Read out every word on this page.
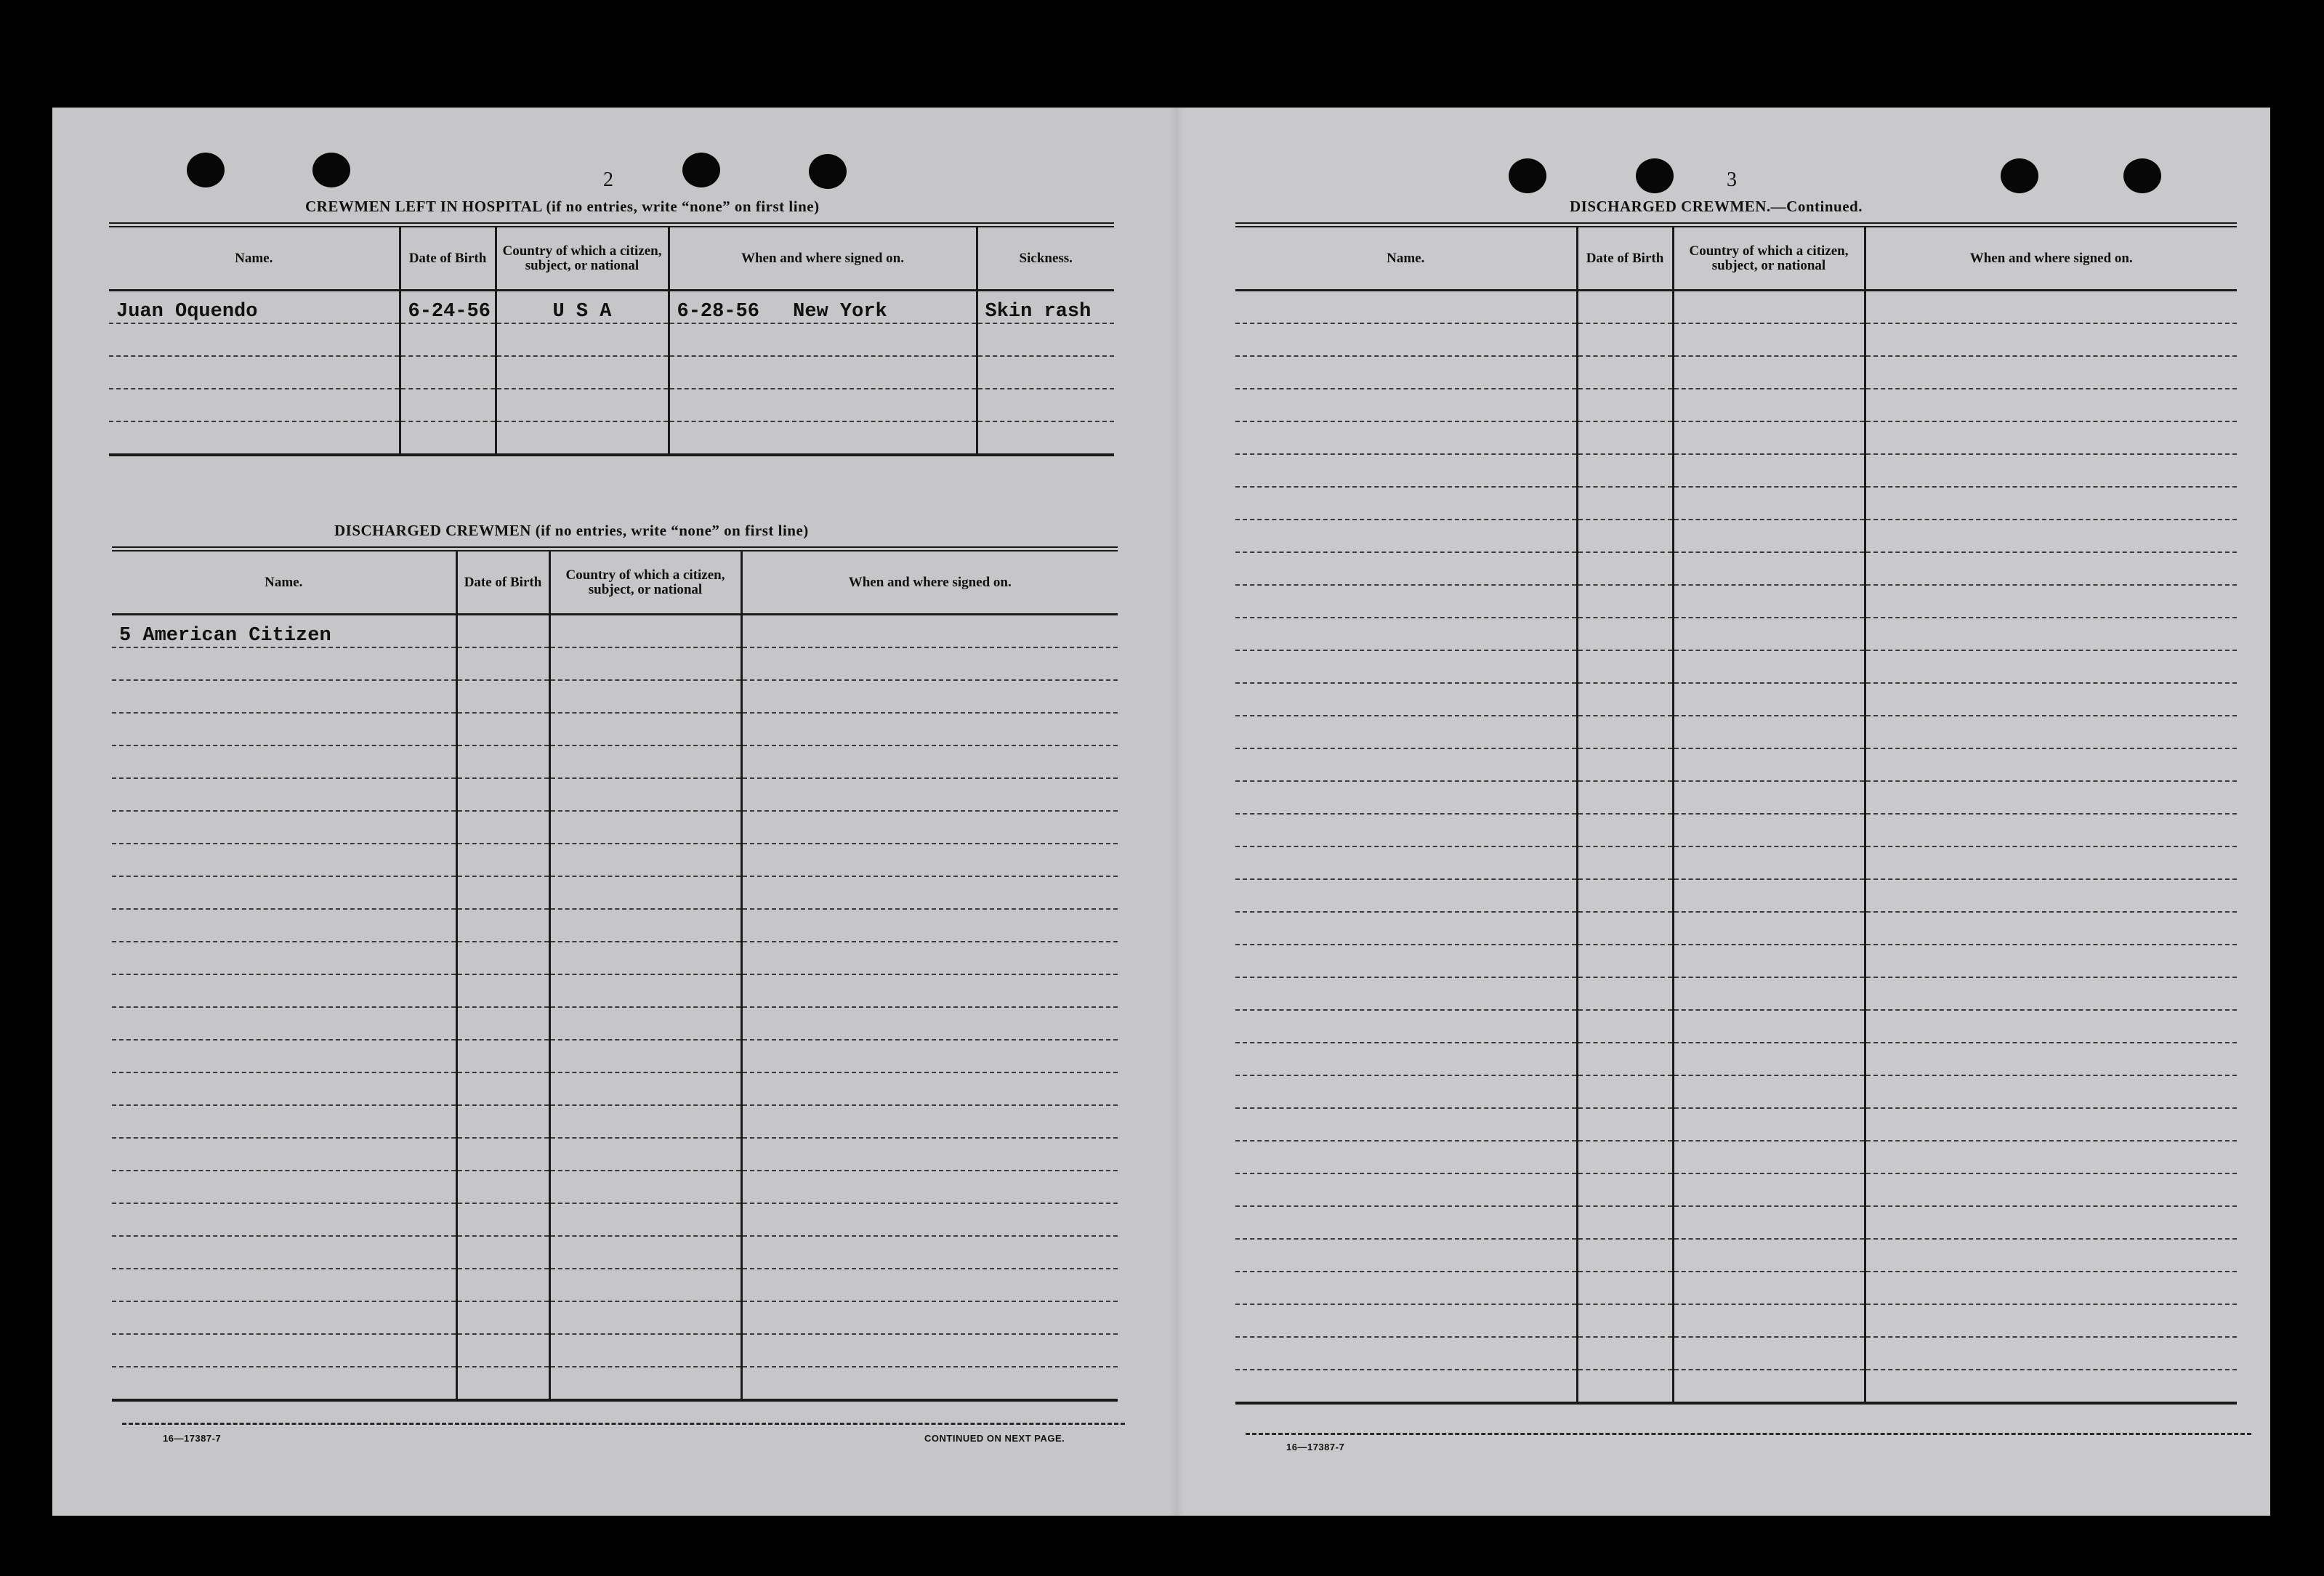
2
CREWMEN LEFT IN HOSPITAL (if no entries, write “none” on first line)
Name.	Date of Birth	Country of which a citizen, subject, or national	When and where signed on.	Sickness.
Juan Oquendo	6-24-56	U S A	6-28-56 New York	Skin rash

DISCHARGED CREWMEN (if no entries, write “none” on first line)
Name.	Date of Birth	Country of which a citizen, subject, or national	When and where signed on.
5 American Citizen			

16—17387-7	CONTINUED ON NEXT PAGE.
3
DISCHARGED CREWMEN.—Continued.
Name.	Date of Birth	Country of which a citizen, subject, or national	When and where signed on.

16—17387-7
